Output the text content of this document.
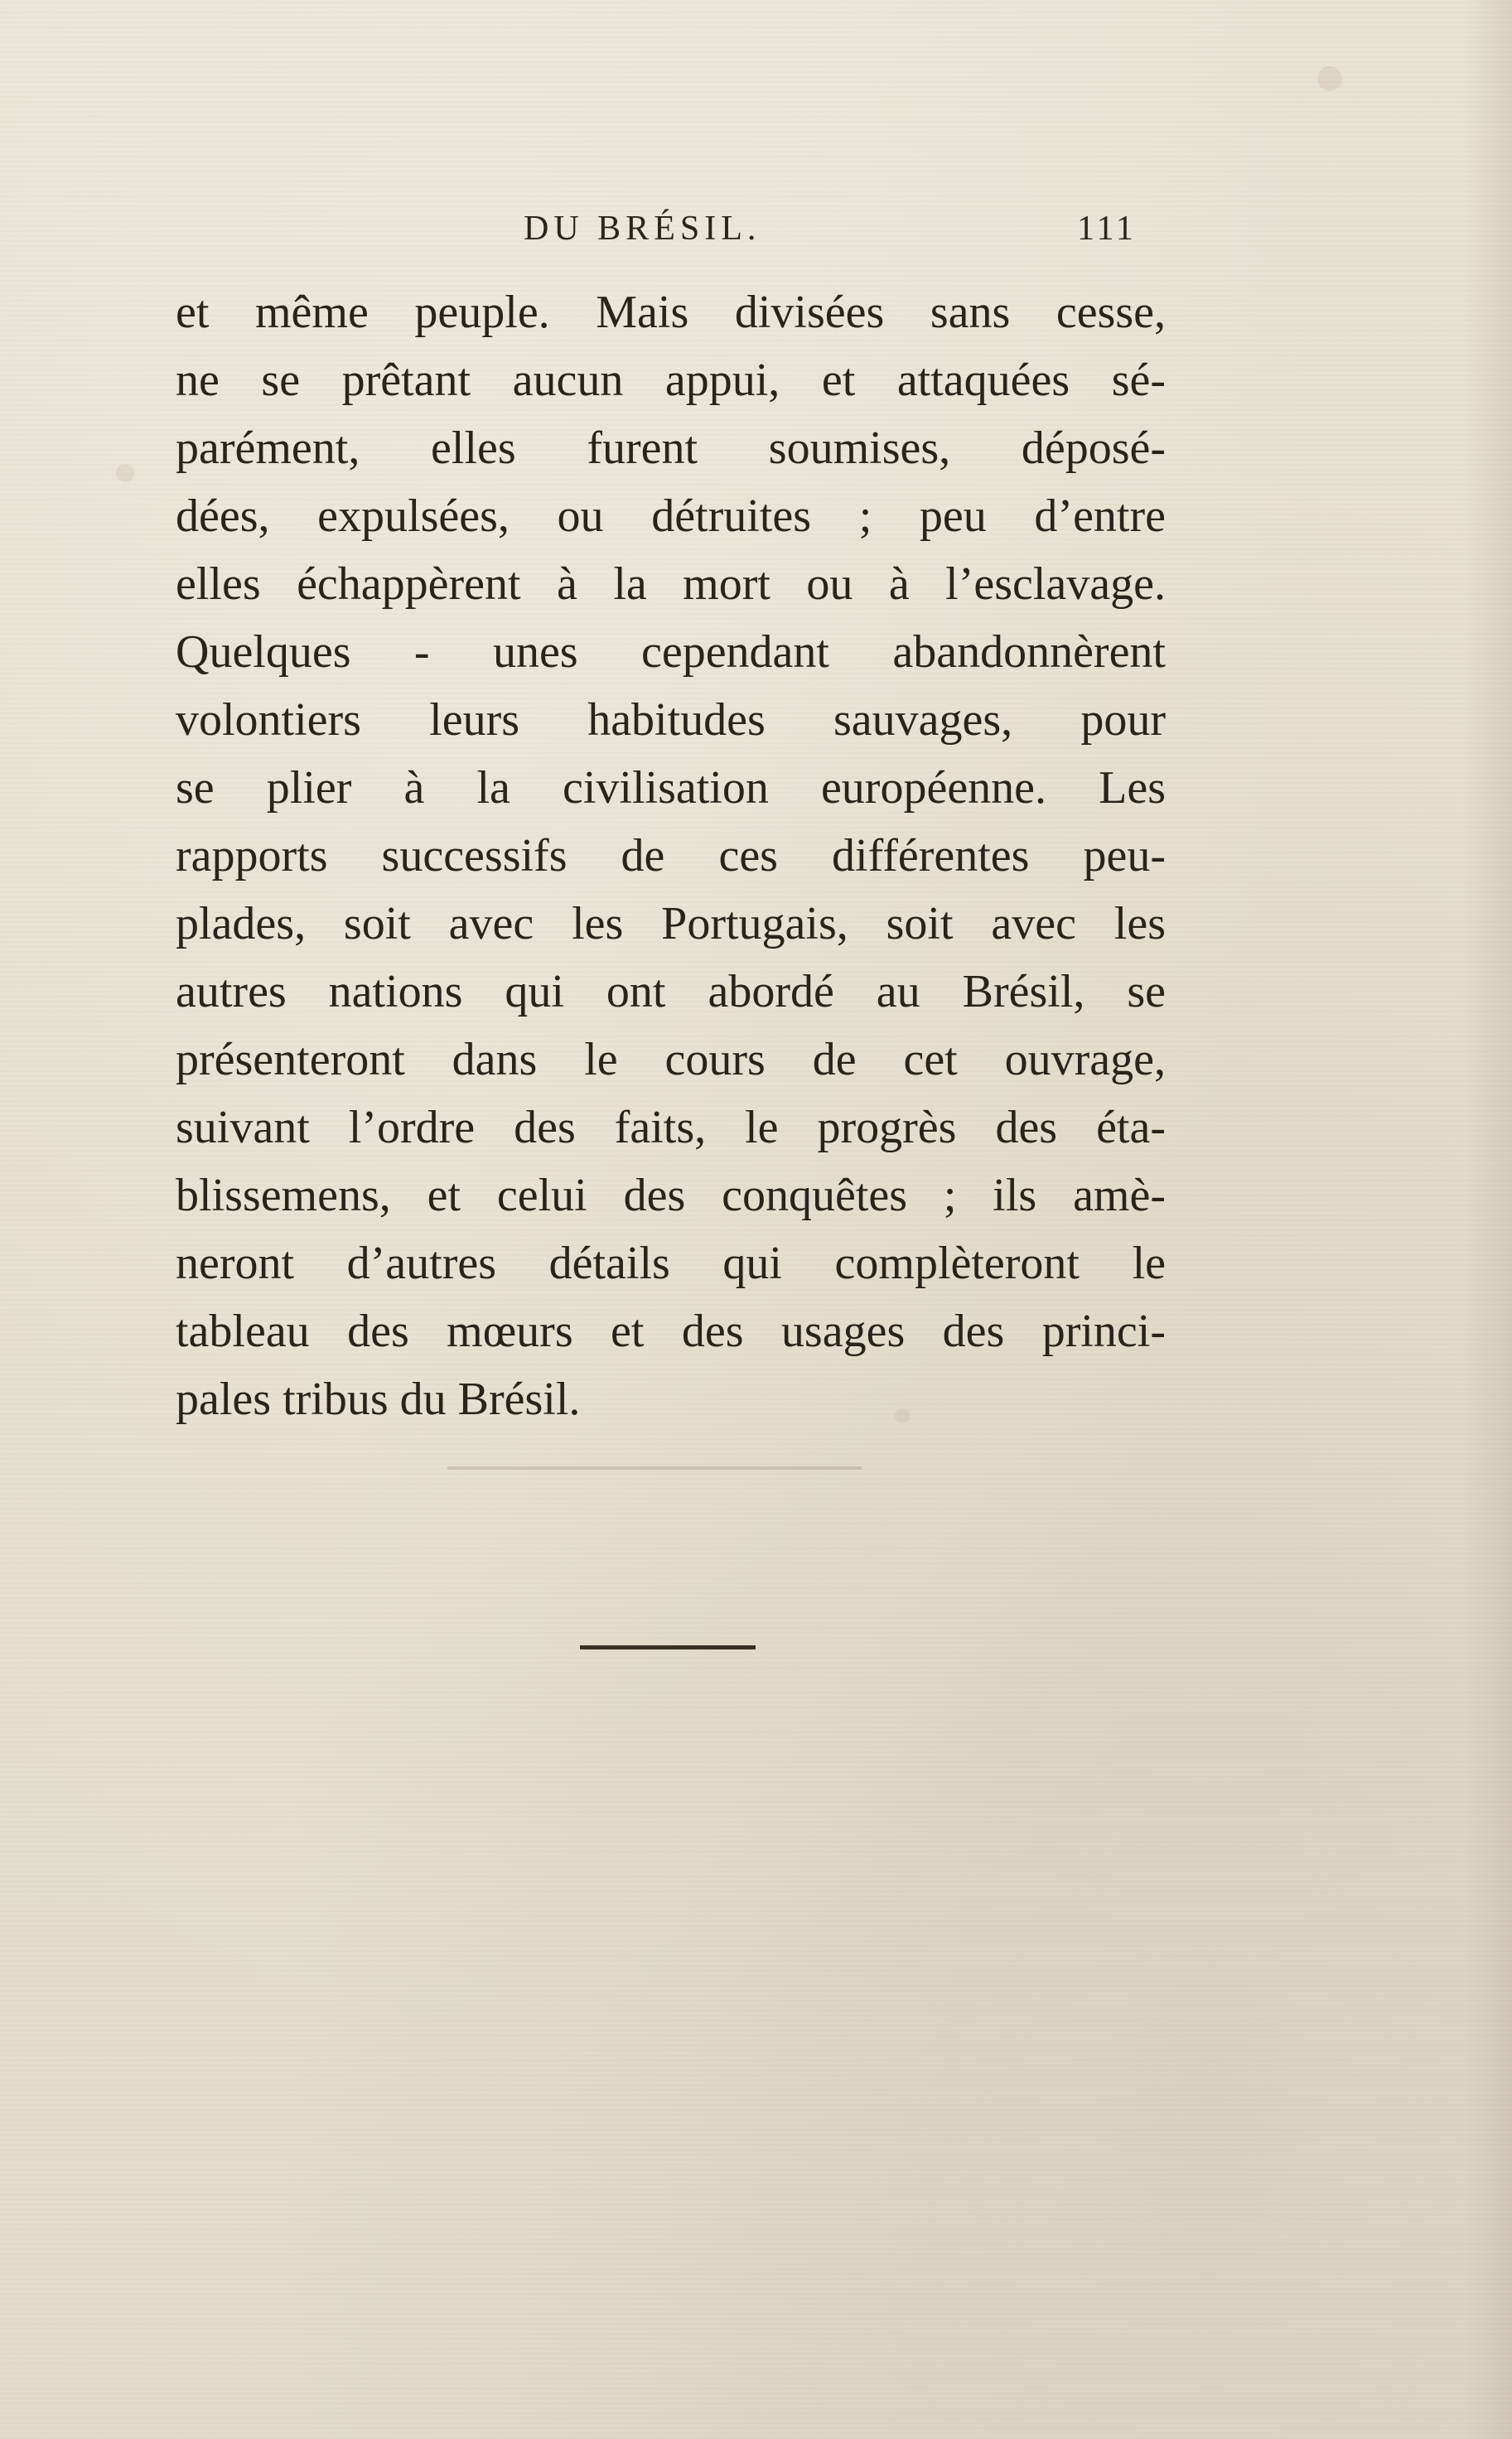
DU BRÉSIL.	111
et même peuple. Mais divisées sans cesse,
ne se prêtant aucun appui, et attaquées sé-
parément, elles furent soumises, déposé-
dées, expulsées, ou détruites ; peu d’entre
elles échappèrent à la mort ou à l’esclavage.
Quelques - unes cependant abandonnèrent
volontiers leurs habitudes sauvages, pour
se plier à la civilisation européenne. Les
rapports successifs de ces différentes peu-
plades, soit avec les Portugais, soit avec les
autres nations qui ont abordé au Brésil, se
présenteront dans le cours de cet ouvrage,
suivant l’ordre des faits, le progrès des éta-
blissemens, et celui des conquêtes ; ils amè-
neront d’autres détails qui complèteront le
tableau des mœurs et des usages des princi-
pales tribus du Brésil.
